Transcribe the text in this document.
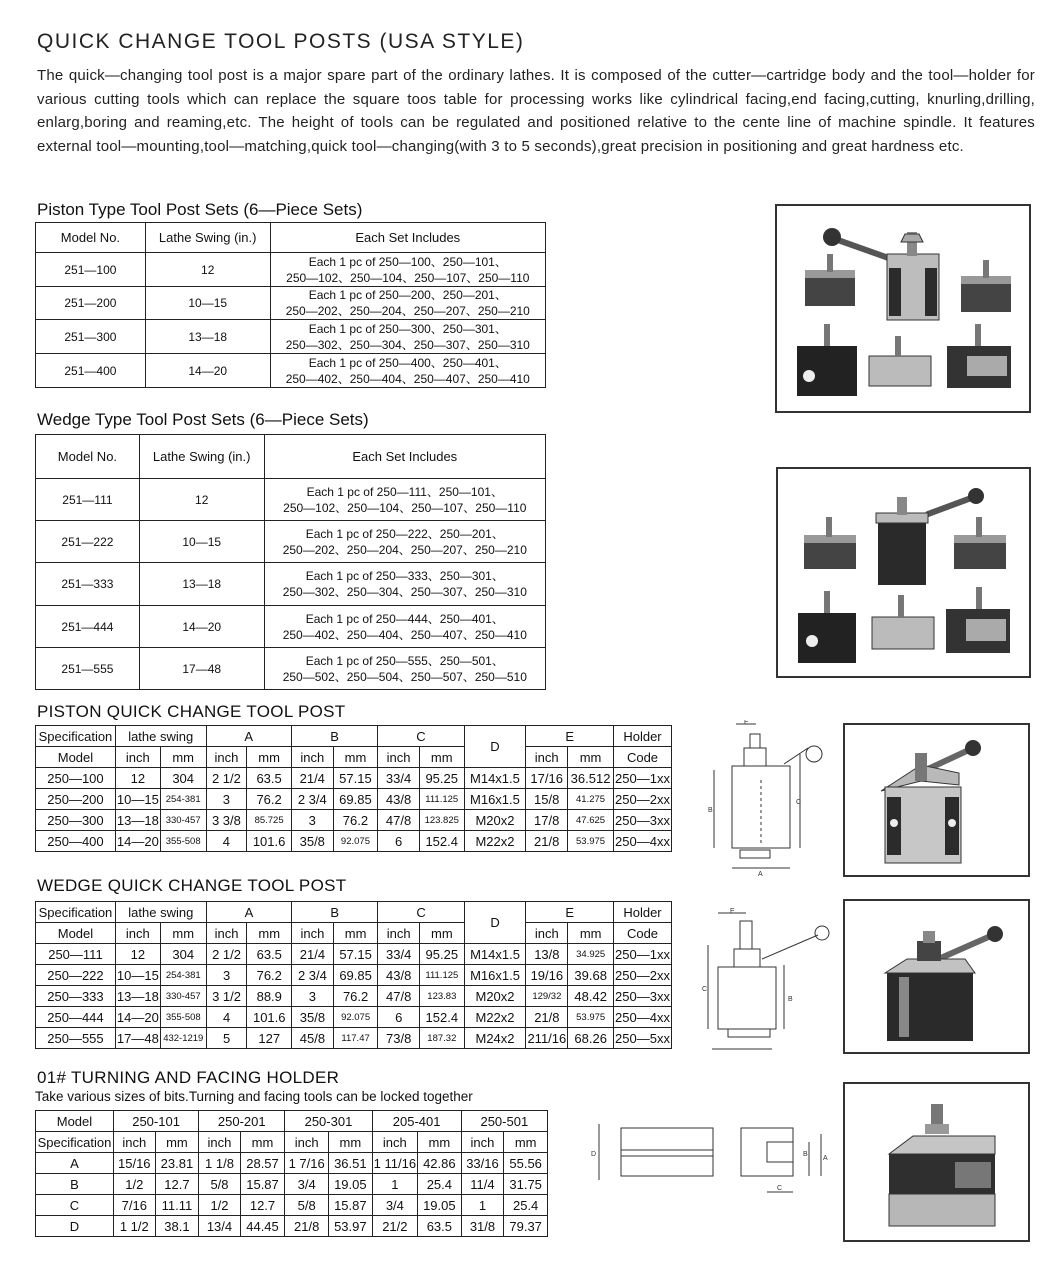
QUICK CHANGE TOOL POSTS (USA STYLE)
The quick—changing tool post is a major spare part of the ordinary lathes. It is composed of the cutter—cartridge body and the tool—holder for various cutting tools which can replace the square toos table for processing works like cylindrical facing,end facing,cutting, knurling,drilling, enlarg,boring and reaming,etc. The height of tools can be regulated and positioned relative to the cente line of machine spindle. It features external tool—mounting,tool—matching,quick tool—changing(with 3 to 5 seconds),great precision in positioning and great hardness etc.
Piston Type Tool Post Sets (6—Piece Sets)
Model No.	Lathe Swing (in.)	Each Set Includes
251—100	12	Each 1 pc of 250—100、250—101、
250—102、250—104、250—107、250—110

251—200	10—15	Each 1 pc of 250—200、250—201、
250—202、250—204、250—207、250—210

251—300	13—18	Each 1 pc of 250—300、250—301、
250—302、250—304、250—307、250—310

251—400	14—20	Each 1 pc of 250—400、250—401、
250—402、250—404、250—407、250—410
Wedge Type Tool Post Sets (6—Piece Sets)
Model No.	Lathe Swing (in.)	Each Set Includes
251—111	12	Each 1 pc of 250—111、250—101、
250—102、250—104、250—107、250—110

251—222	10—15	Each 1 pc of 250—222、250—201、
250—202、250—204、250—207、250—210

251—333	13—18	Each 1 pc of 250—333、250—301、
250—302、250—304、250—307、250—310

251—444	14—20	Each 1 pc of 250—444、250—401、
250—402、250—404、250—407、250—410

251—555	17—48	Each 1 pc of 250—555、250—501、
250—502、250—504、250—507、250—510
PISTON QUICK CHANGE TOOL POST
Specification	lathe swing		A		B		C		D	E		Holder
Model	inch	mm	inch	mm	inch	mm	inch	mm		inch	mm	Code
250—100	12	304	2 1/2	63.5	21/4	57.15	33/4	95.25	M14x1.5	17/16	36.512	250—1xx
250—200	10—15	254-381	3	76.2	2 3/4	69.85	43/8	111.125	M16x1.5	15/8	41.275	250—2xx
250—300	13—18	330-457	3 3/8	85.725	3	76.2	47/8	123.825	M20x2	17/8	47.625	250—3xx
250—400	14—20	355-508	4	101.6	35/8	92.075	6	152.4	M22x2	21/8	53.975	250—4xx
B
C
A
E
WEDGE QUICK CHANGE TOOL POST
Specification	lathe swing		A		B		C		D	E		Holder
Model	inch	mm	inch	mm	inch	mm	inch	mm		inch	mm	Code
250—111	12	304	2 1/2	63.5	21/4	57.15	33/4	95.25	M14x1.5	13/8	34.925	250—1xx
250—222	10—15	254-381	3	76.2	2 3/4	69.85	43/8	111.125	M16x1.5	19/16	39.68	250—2xx
250—333	13—18	330-457	3 1/2	88.9	3	76.2	47/8	123.83	M20x2	129/32	48.42	250—3xx
250—444	14—20	355-508	4	101.6	35/8	92.075	6	152.4	M22x2	21/8	53.975	250—4xx
250—555	17—48	432-1219	5	127	45/8	117.47	73/8	187.32	M24x2	211/16	68.26	250—5xx
C
B
E
01# TURNING AND FACING HOLDER
Take various sizes of bits.Turning and facing tools can be locked together
Model	250-101		250-201		250-301		205-401		250-501	
Specification	inch	mm	inch	mm	inch	mm	inch	mm	inch	mm
A	15/16	23.81	1 1/8	28.57	1 7/16	36.51	1 11/16	42.86	33/16	55.56
B	1/2	12.7	5/8	15.87	3/4	19.05	1	25.4	11/4	31.75
C	7/16	11.11	1/2	12.7	5/8	15.87	3/4	19.05	1	25.4
D	1 1/2	38.1	13/4	44.45	21/8	53.97	21/2	63.5	31/8	79.37
D	B
A
C
